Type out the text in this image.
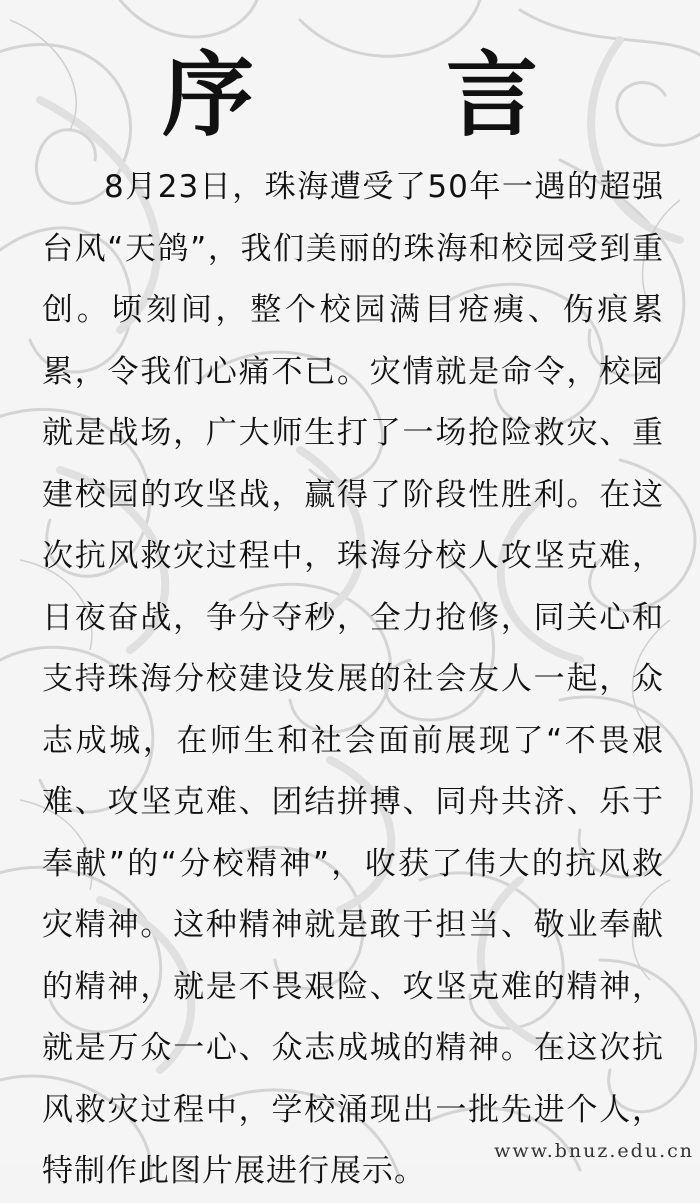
序 言

8月23日，珠海遭受了50年一遇的超强台风“天鸽”，我们美丽的珠海和校园受到重创。顷刻间，整个校园满目疮痍、伤痕累累，令我们心痛不已。灾情就是命令，校园就是战场，广大师生打了一场抢险救灾、重建校园的攻坚战，赢得了阶段性胜利。在这次抗风救灾过程中，珠海分校人攻坚克难，日夜奋战，争分夺秒，全力抢修，同关心和支持珠海分校建设发展的社会友人一起，众志成城，在师生和社会面前展现了“不畏艰难、攻坚克难、团结拼搏、同舟共济、乐于奉献”的“分校精神”，收获了伟大的抗风救灾精神。这种精神就是敢于担当、敬业奉献的精神，就是不畏艰险、攻坚克难的精神，就是万众一心、众志成城的精神。在这次抗风救灾过程中，学校涌现出一批先进个人，特制作此图片展进行展示。

www.bnuz.edu.cn
